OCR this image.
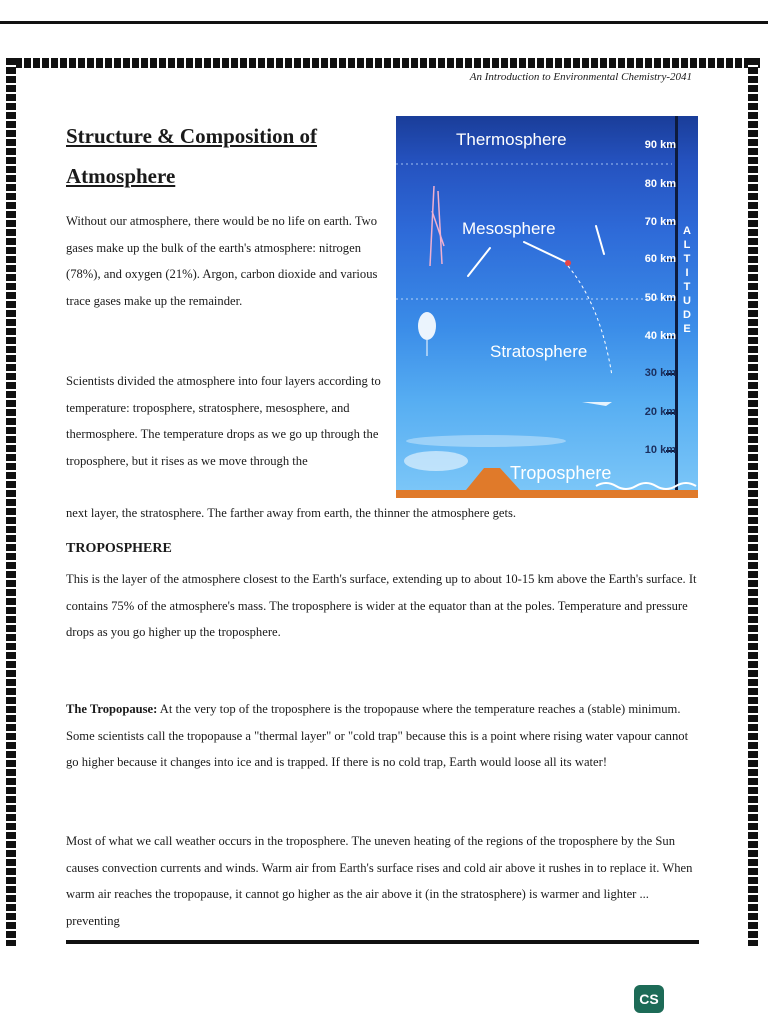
An Introduction to Environmental Chemistry-2041
Structure & Composition of Atmosphere
Without our atmosphere, there would be no life on earth. Two gases make up the bulk of the earth's atmosphere: nitrogen (78%), and oxygen (21%). Argon, carbon dioxide and various trace gases make up the remainder.
Scientists divided the atmosphere into four layers according to temperature: troposphere, stratosphere, mesosphere, and thermosphere. The temperature drops as we go up through the troposphere, but it rises as we move through the
next layer, the stratosphere. The farther away from earth, the thinner the atmosphere gets.
Thermosphere
Mesosphere
Stratosphere
Troposphere
90 km
80 km
70 km
60 km
50 km
40 km
30 km
20 km
10 km
A
L
T
I
T
U
D
E
TROPOSPHERE
This is the layer of the atmosphere closest to the Earth's surface, extending up to about 10-15 km above the Earth's surface. It contains 75% of the atmosphere's mass. The troposphere is wider at the equator than at the poles. Temperature and pressure drops as you go higher up the troposphere.
The Tropopause: At the very top of the troposphere is the tropopause where the temperature reaches a (stable) minimum. Some scientists call the tropopause a "thermal layer" or "cold trap" because this is a point where rising water vapour cannot go higher because it changes into ice and is trapped. If there is no cold trap, Earth would loose all its water!
Most of what we call weather occurs in the troposphere. The uneven heating of the regions of the troposphere by the Sun causes convection currents and winds. Warm air from Earth's surface rises and cold air above it rushes in to replace it. When warm air reaches the tropopause, it cannot go higher as the air above it (in the stratosphere) is warmer and lighter ... preventing
CS
